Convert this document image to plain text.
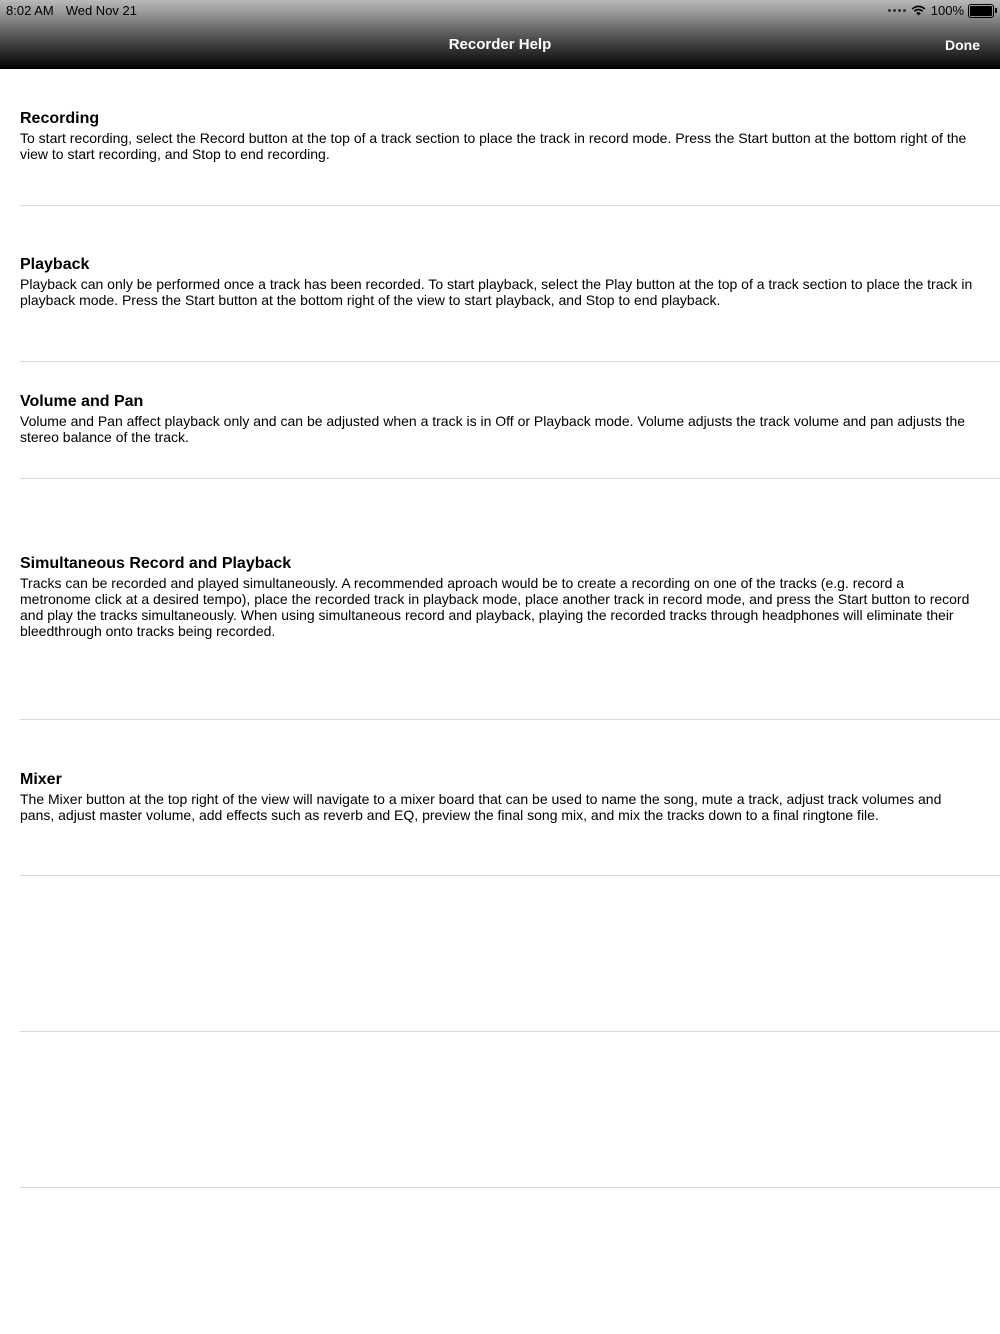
8:02 AM Wed Nov 21	100%
Recorder Help	Done
Recording

To start recording, select the Record button at the top of a track section to place the track in record mode. Press the Start button at the bottom right of the view to start recording, and Stop to end recording.

Playback

Playback can only be performed once a track has been recorded. To start playback, select the Play button at the top of a track section to place the track in playback mode. Press the Start button at the bottom right of the view to start playback, and Stop to end playback.

Volume and Pan

Volume and Pan affect playback only and can be adjusted when a track is in Off or Playback mode. Volume adjusts the track volume and pan adjusts the stereo balance of the track.

Simultaneous Record and Playback

Tracks can be recorded and played simultaneously. A recommended aproach would be to create a recording on one of the tracks (e.g. record a metronome click at a desired tempo), place the recorded track in playback mode, place another track in record mode, and press the Start button to record and play the tracks simultaneously. When using simultaneous record and playback, playing the recorded tracks through headphones will eliminate their bleedthrough onto tracks being recorded.

Mixer

The Mixer button at the top right of the view will navigate to a mixer board that can be used to name the song, mute a track, adjust track volumes and pans, adjust master volume, add effects such as reverb and EQ, preview the final song mix, and mix the tracks down to a final ringtone file.
